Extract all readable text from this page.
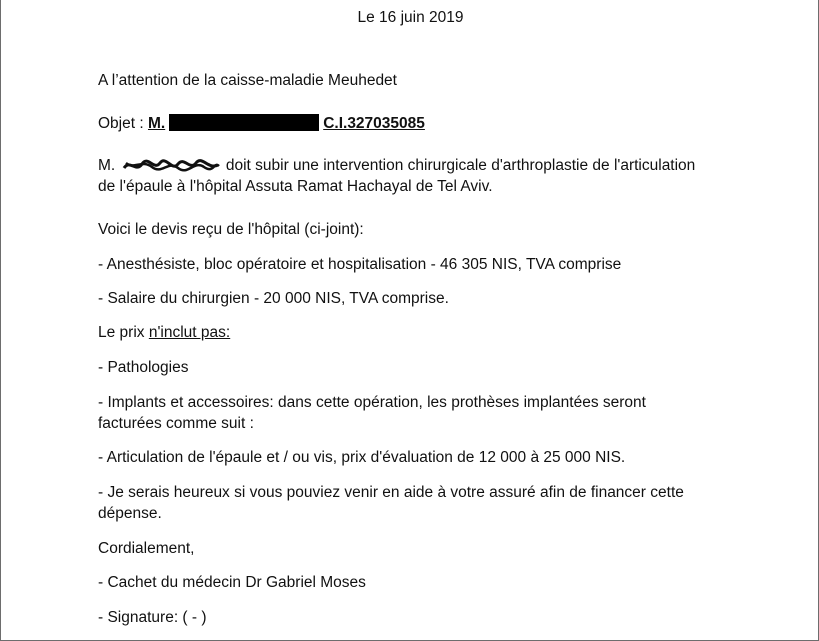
Le 16 juin 2019
A l’attention de la caisse-maladie Meuhedet
Objet : M.	C.I.327035085
M.	doit subir une intervention chirurgicale d'arthroplastie de l'articulation
de l'épaule à l'hôpital Assuta Ramat Hachayal de Tel Aviv.
Voici le devis reçu de l'hôpital (ci-joint):
- Anesthésiste, bloc opératoire et hospitalisation - 46 305 NIS, TVA comprise
- Salaire du chirurgien - 20 000 NIS, TVA comprise.
Le prix n'inclut pas:
- Pathologies
- Implants et accessoires: dans cette opération, les prothèses implantées seront
facturées comme suit :
- Articulation de l'épaule et / ou vis, prix d'évaluation de 12 000 à 25 000 NIS.
- Je serais heureux si vous pouviez venir en aide à votre assuré afin de financer cette
dépense.
Cordialement,
- Cachet du médecin Dr Gabriel Moses
- Signature: ( - )
